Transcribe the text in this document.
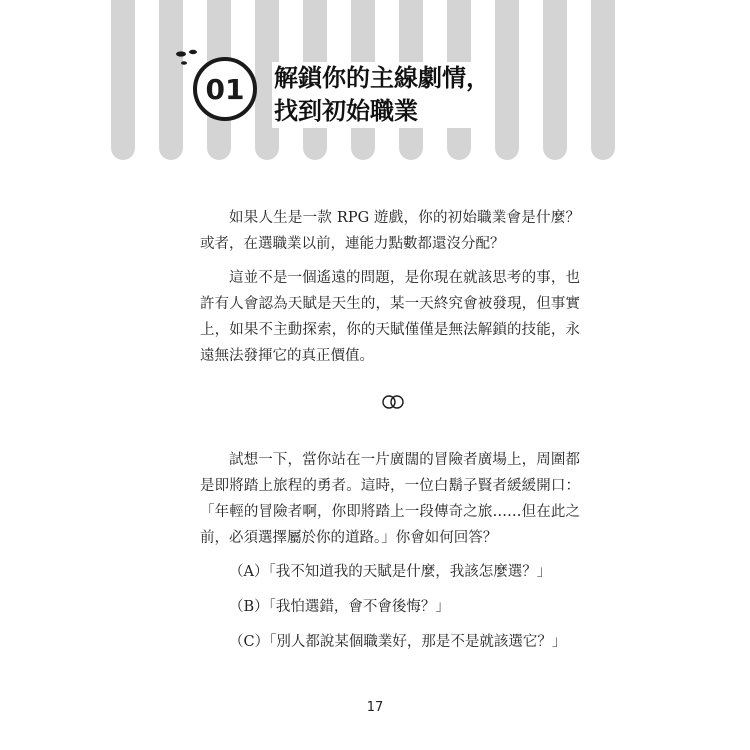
01 解鎖你的主線劇情，
找到初始職業

如果人生是一款 RPG 遊戲，你的初始職業會是什麼？或者，在選職業以前，連能力點數都還沒分配？

這並不是一個遙遠的問題，是你現在就該思考的事，也許有人會認為天賦是天生的，某一天終究會被發現，但事實上，如果不主動探索，你的天賦僅僅是無法解鎖的技能，永遠無法發揮它的真正價值。

試想一下，當你站在一片廣闊的冒險者廣場上，周圍都是即將踏上旅程的勇者。這時，一位白鬍子賢者緩緩開口：「年輕的冒險者啊，你即將踏上一段傳奇之旅……但在此之前，必須選擇屬於你的道路。」你會如何回答？

（A）「我不知道我的天賦是什麼，我該怎麼選？」

（B）「我怕選錯，會不會後悔？」

（C）「別人都說某個職業好，那是不是就該選它？」

17
